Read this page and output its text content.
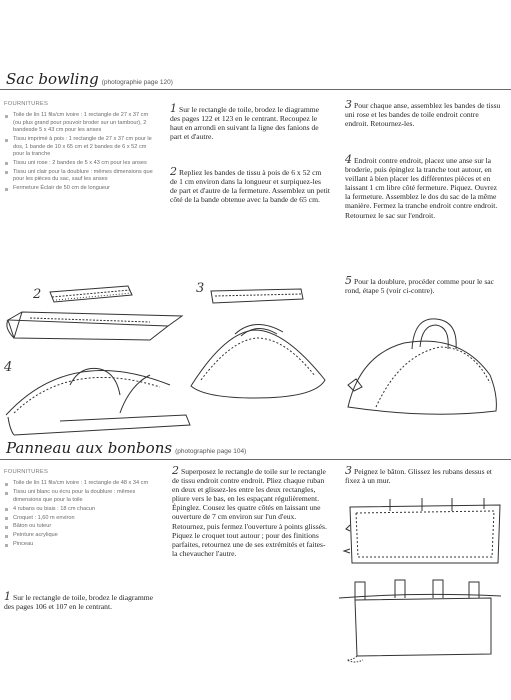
Sac bowling (photographie page 120)
FOURNITURES
Toile de lin 11 fils/cm ivoire : 1 rectangle de 27 x 37 cm (ou plus grand pour pouvoir broder sur un tambour), 2 bandesde 5 x 43 cm pour les anses
Tissu imprimé à pois : 1 rectangle de 27 x 37 cm pour le dos, 1 bande de 10 x 65 cm et 2 bandes de 6 x 52 cm pour la tranche
Tissu uni rose : 2 bandes de 5 x 43 cm pour les anses
Tissu uni clair pour la doublure : mêmes dimensions que pour les pièces du sac, sauf les anses
Fermeture Éclair de 50 cm de longueur
1 Sur le rectangle de toile, brodez le diagramme des pages 122 et 123 en le centrant. Recoupez le haut en arrondi en suivant la ligne des fanions de part et d'autre.
2 Repliez les bandes de tissu à pois de 6 x 52 cm de 1 cm environ dans la longueur et surpiquez-les de part et d'autre de la fermeture. Assemblez un petit côté de la bande obtenue avec la bande de 65 cm.
3 Pour chaque anse, assemblez les bandes de tissu uni rose et les bandes de toile endroit contre endroit. Retournez-les.
4 Endroit contre endroit, placez une anse sur la broderie, puis épinglez la tranche tout autour, en veillant à bien placer les différentes pièces et en laissant 1 cm libre côté fermeture. Piquez. Ouvrez la fermeture. Assemblez le dos du sac de la même manière. Fermez la tranche endroit contre endroit. Retournez le sac sur l'endroit.
5 Pour la doublure, procéder comme pour le sac rond, étape 5 (voir ci-contre).
2	3
4
Panneau aux bonbons (photographie page 104)
FOURNITURES
Toile de lin 11 fils/cm ivoire : 1 rectangle de 48 x 34 cm
Tissu uni blanc ou écru pour la doublure : mêmes dimensions que pour la toile
4 rubans ou biais : 18 cm chacun
Croquet : 1,60 m environ
Bâton ou tuteur
Peinture acrylique
Pinceau
1 Sur le rectangle de toile, brodez le diagramme des pages 106 et 107 en le centrant.
2 Superposez le rectangle de toile sur le rectangle de tissu endroit contre endroit. Pliez chaque ruban en deux et glissez-les entre les deux rectangles, pliure vers le bas, en les espaçant régulièrement. Épinglez. Cousez les quatre côtés en laissant une ouverture de 7 cm environ sur l'un d'eux. Retournez, puis fermez l'ouverture à points glissés. Piquez le croquet tout autour ; pour des finitions parfaites, retournez une de ses extrémités et faites-la chevaucher l'autre.
3 Peignez le bâton. Glissez les rubans dessus et fixez à un mur.
